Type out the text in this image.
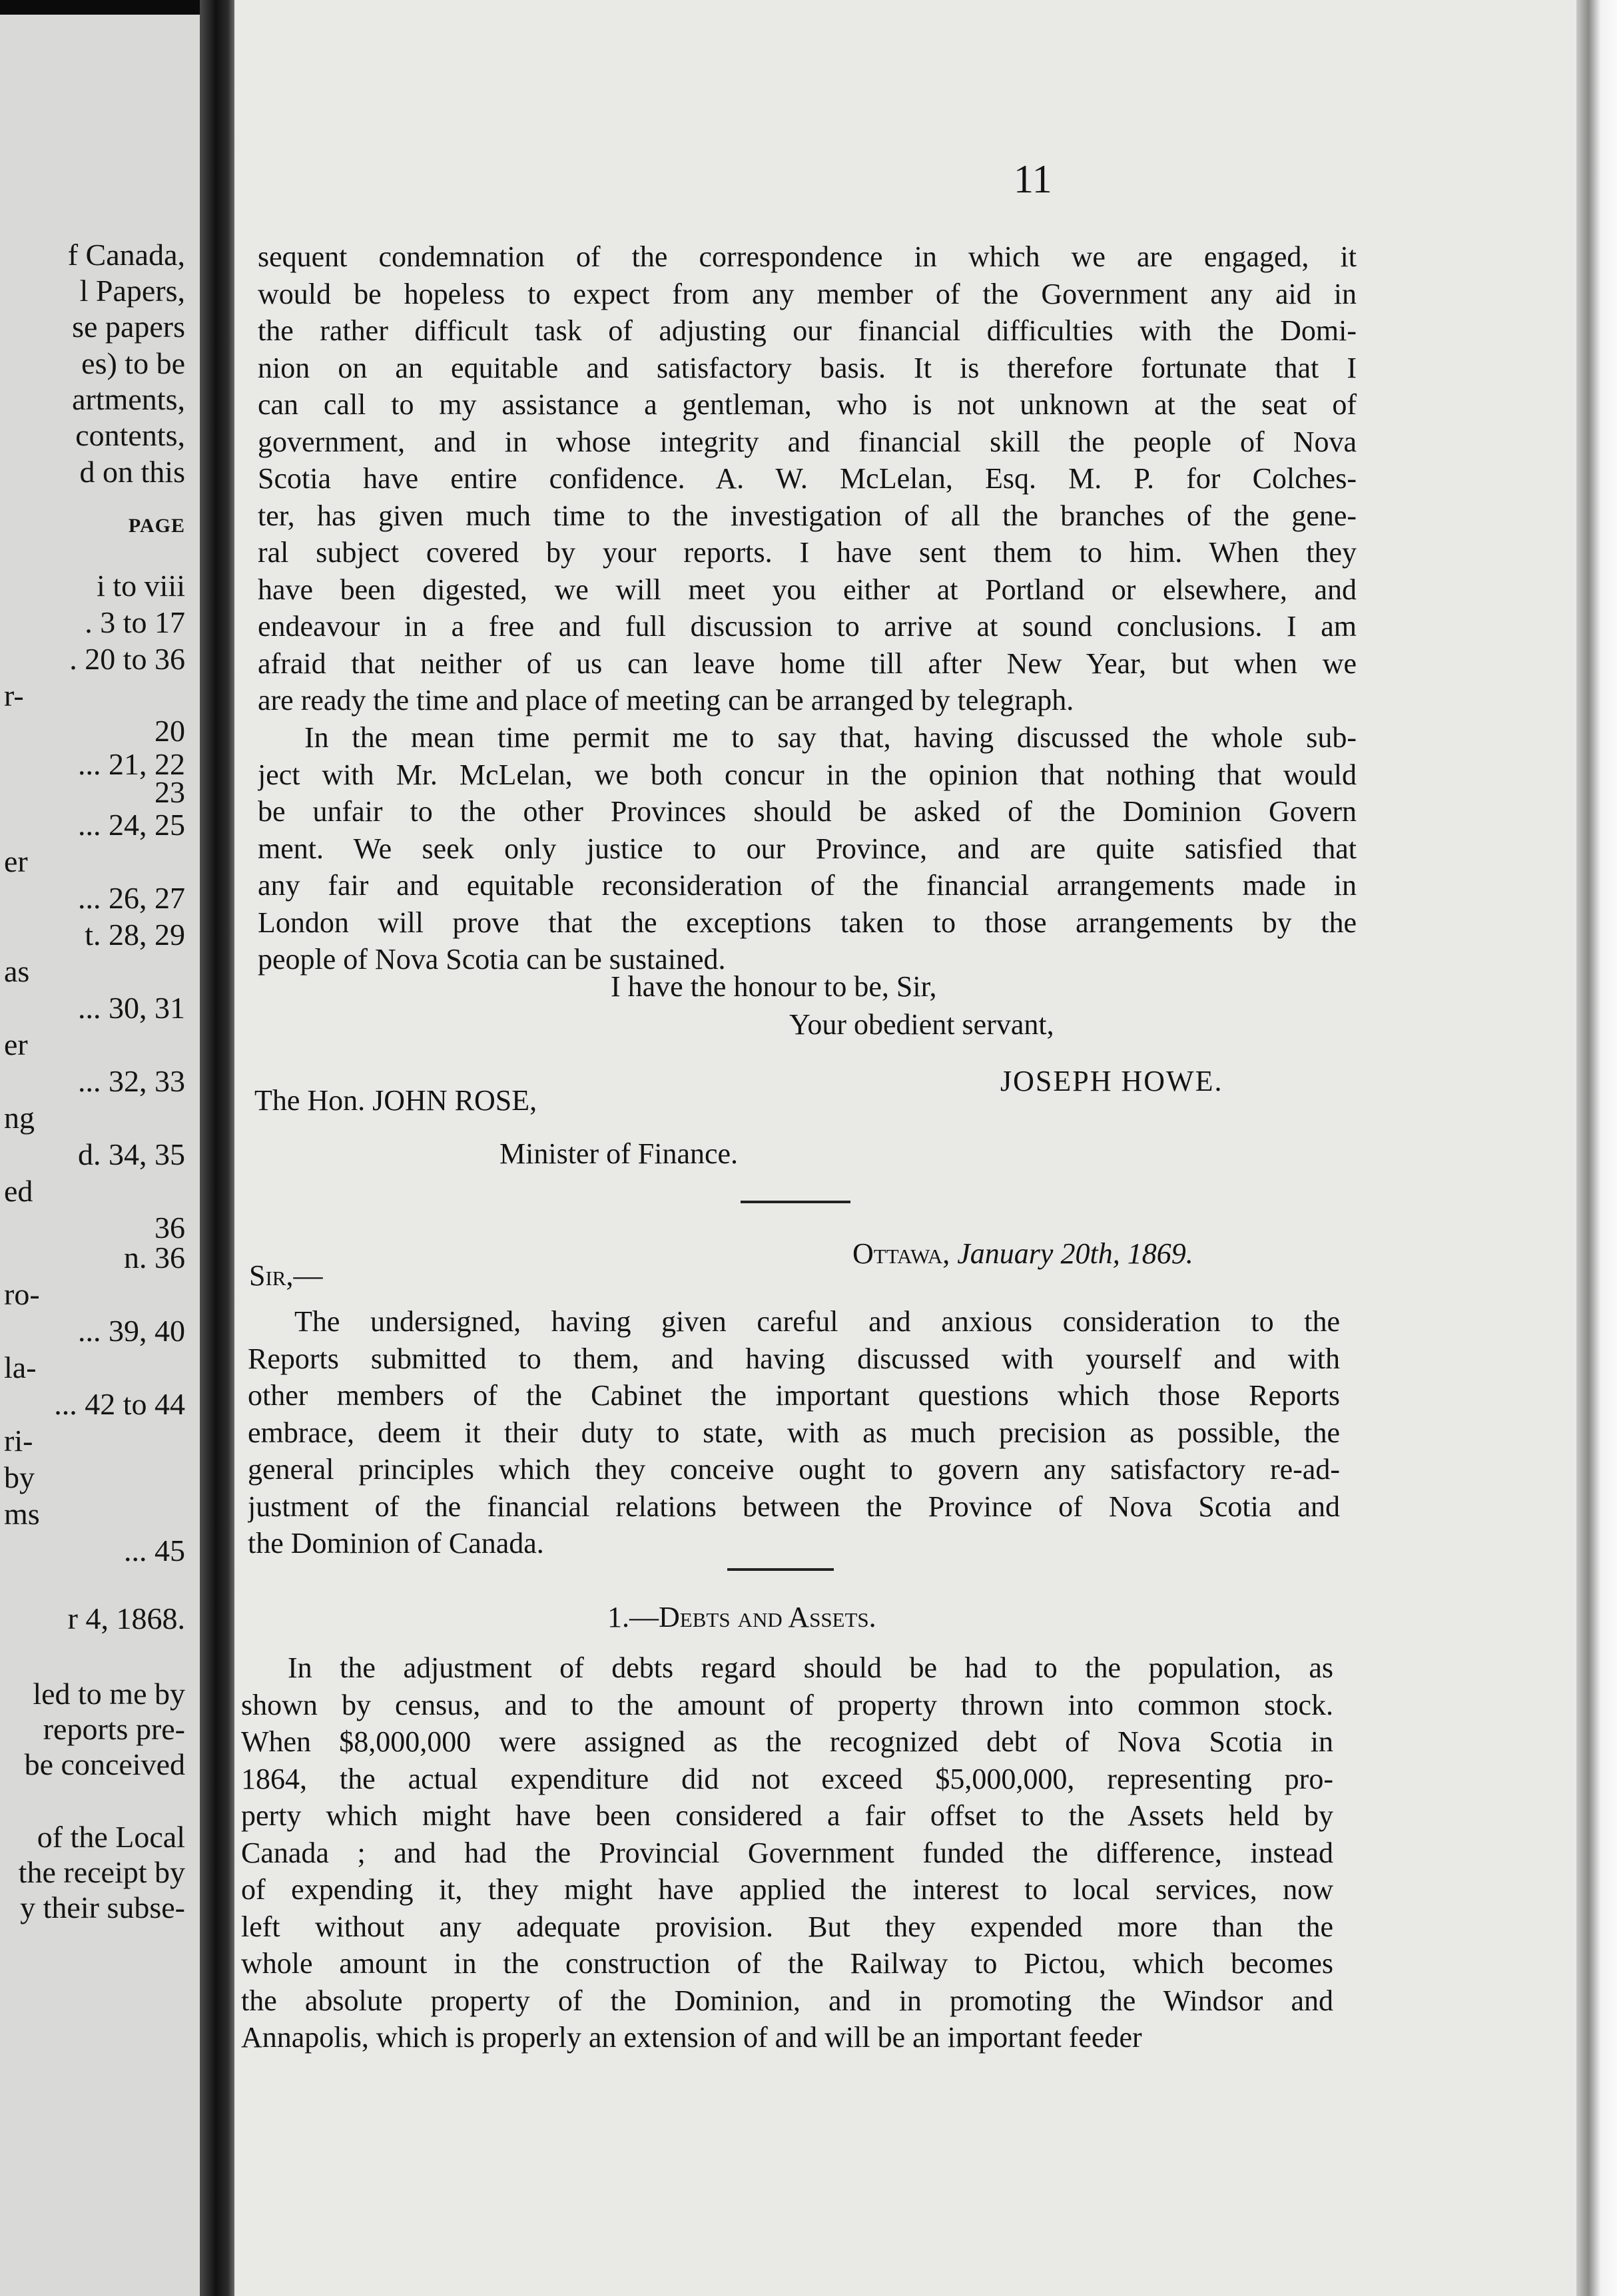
f Canada,
l Papers,
se papers
es) to be
artments,
contents,
d on this
PAGE
i to viii
. 3 to 17
. 20 to 36
r-
20
... 21, 22
23
... 24, 25
er
... 26, 27
t. 28, 29
as
... 30, 31
er
... 32, 33
ng
d. 34, 35
ed
36
n. 36
ro-
... 39, 40
la-
... 42 to 44
ri-
by
ms
... 45
r 4, 1868.
led to me by
reports pre-
be conceived
of the Local
the receipt by
y their subse-
11
sequent condemnation of the correspondence in which we are engaged, it
would be hopeless to expect from any member of the Government any aid in
the rather difficult task of adjusting our financial difficulties with the Domi-
nion on an equitable and satisfactory basis. It is therefore fortunate that I
can call to my assistance a gentleman, who is not unknown at the seat of
government, and in whose integrity and financial skill the people of Nova
Scotia have entire confidence. A. W. McLelan, Esq. M. P. for Colches-
ter, has given much time to the investigation of all the branches of the gene-
ral subject covered by your reports. I have sent them to him. When they
have been digested, we will meet you either at Portland or elsewhere, and
endeavour in a free and full discussion to arrive at sound conclusions. I am
afraid that neither of us can leave home till after New Year, but when we
are ready the time and place of meeting can be arranged by telegraph.
In the mean time permit me to say that, having discussed the whole sub-
ject with Mr. McLelan, we both concur in the opinion that nothing that would
be unfair to the other Provinces should be asked of the Dominion Govern
ment. We seek only justice to our Province, and are quite satisfied that
any fair and equitable reconsideration of the financial arrangements made in
London will prove that the exceptions taken to those arrangements by the
people of Nova Scotia can be sustained.
I have the honour to be, Sir,
Your obedient servant,
JOSEPH HOWE.
The Hon. JOHN ROSE,
Minister of Finance.
Ottawa, January 20th, 1869.
Sir,—
The undersigned, having given careful and anxious consideration to the
Reports submitted to them, and having discussed with yourself and with
other members of the Cabinet the important questions which those Reports
embrace, deem it their duty to state, with as much precision as possible, the
general principles which they conceive ought to govern any satisfactory re-ad-
justment of the financial relations between the Province of Nova Scotia and
the Dominion of Canada.
1.—Debts and Assets.
In the adjustment of debts regard should be had to the population, as
shown by census, and to the amount of property thrown into common stock.
When $8,000,000 were assigned as the recognized debt of Nova Scotia in
1864, the actual expenditure did not exceed $5,000,000, representing pro-
perty which might have been considered a fair offset to the Assets held by
Canada ; and had the Provincial Government funded the difference, instead
of expending it, they might have applied the interest to local services, now
left without any adequate provision. But they expended more than the
whole amount in the construction of the Railway to Pictou, which becomes
the absolute property of the Dominion, and in promoting the Windsor and
Annapolis, which is properly an extension of and will be an important feeder
